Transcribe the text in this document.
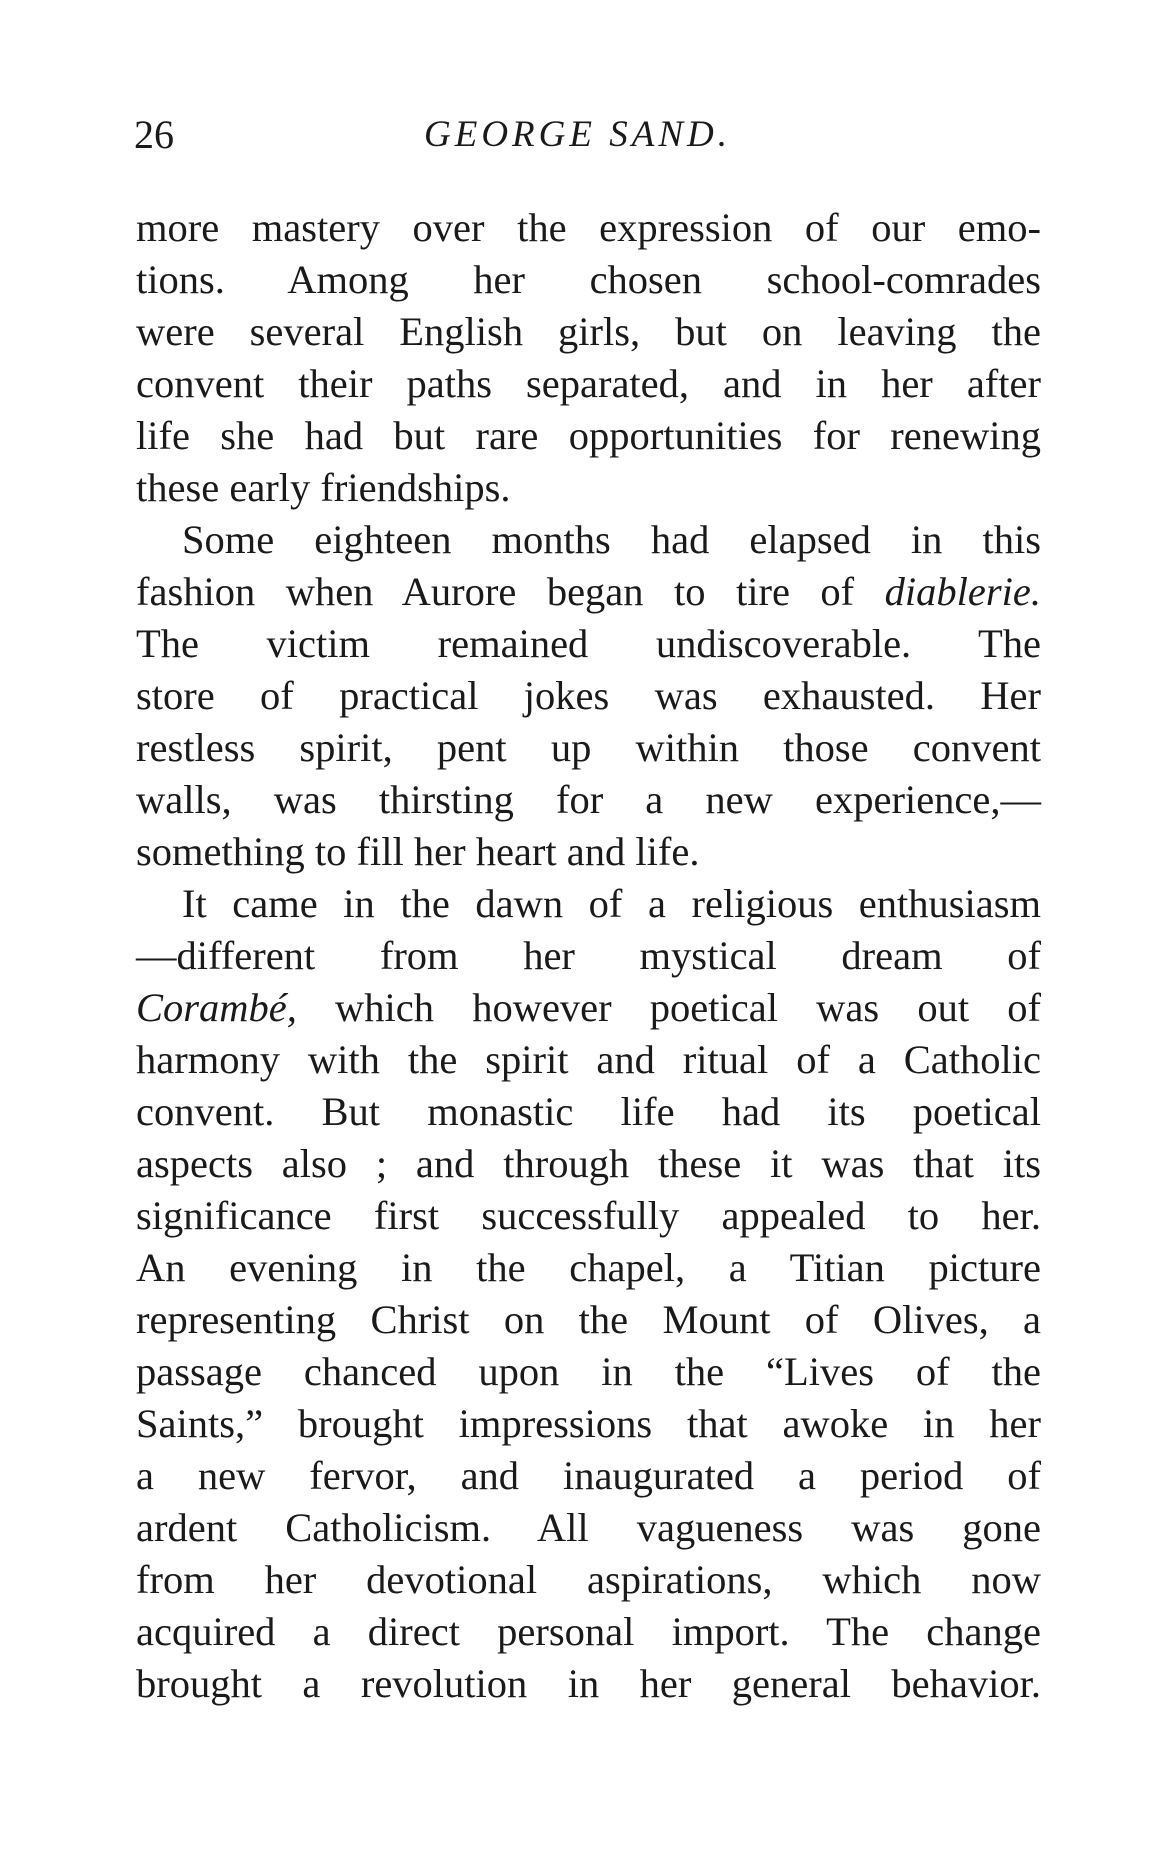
26	GEORGE SAND.
more mastery over the expression of our emo-
tions. Among her chosen school-comrades
were several English girls, but on leaving the
convent their paths separated, and in her after
life she had but rare opportunities for renewing
these early friendships.
Some eighteen months had elapsed in this
fashion when Aurore began to tire of diablerie.
The victim remained undiscoverable. The
store of practical jokes was exhausted. Her
restless spirit, pent up within those convent
walls, was thirsting for a new experience,—
something to fill her heart and life.
It came in the dawn of a religious enthusiasm
—different from her mystical dream of
Corambé, which however poetical was out of
harmony with the spirit and ritual of a Catholic
convent. But monastic life had its poetical
aspects also ; and through these it was that its
significance first successfully appealed to her.
An evening in the chapel, a Titian picture
representing Christ on the Mount of Olives, a
passage chanced upon in the “Lives of the
Saints,” brought impressions that awoke in her
a new fervor, and inaugurated a period of
ardent Catholicism. All vagueness was gone
from her devotional aspirations, which now
acquired a direct personal import. The change
brought a revolution in her general behavior.
